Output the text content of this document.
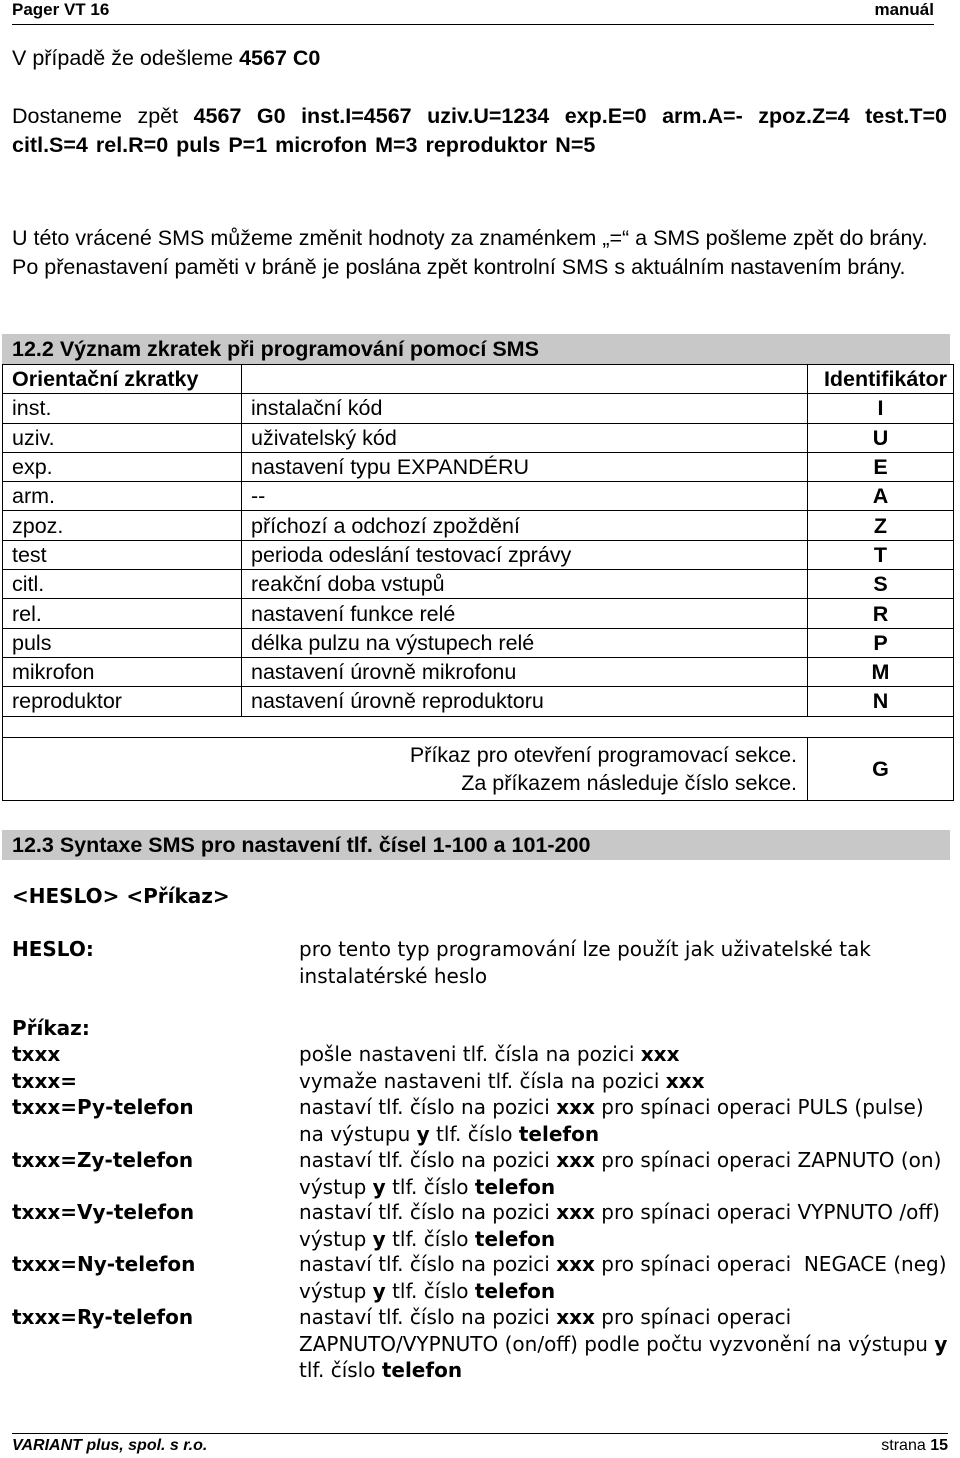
Pager VT 16	manuál
V případě že odešleme 4567 C0
Dostaneme zpět 4567 G0 inst.I=4567 uziv.U=1234 exp.E=0 arm.A=- zpoz.Z=4 test.T=0 citl.S=4 rel.R=0 puls P=1 microfon M=3 reproduktor N=5
U této vrácené SMS můžeme změnit hodnoty za znaménkem „=“ a SMS pošleme zpět do brány. Po přenastavení paměti v bráně je poslána zpět kontrolní SMS s aktuálním nastavením brány.
12.2 Význam zkratek při programování pomocí SMS
Orientační zkratky		Identifikátor
inst.	instalační kód	I
uziv.	uživatelský kód	U
exp.	nastavení typu EXPANDÉRU	E
arm.	--	A
zpoz.	příchozí a odchozí zpoždění	Z
test	perioda odeslání testovací zprávy	T
citl.	reakční doba vstupů	S
rel.	nastavení funkce relé	R
puls	délka pulzu na výstupech relé	P
mikrofon	nastavení úrovně mikrofonu	M
reproduktor	nastavení úrovně reproduktoru	N

Příkaz pro otevření programovací sekce.
Za příkazem následuje číslo sekce.		G
12.3 Syntaxe SMS pro nastavení tlf. čísel 1-100 a 101-200
<HESLO> <Příkaz>
HESLO:	pro tento typ programování lze použít jak uživatelské tak instalatérské heslo
Příkaz:
txxx	pošle nastaveni tlf. čísla na pozici xxx
txxx=	vymaže nastaveni tlf. čísla na pozici xxx
txxx=Py-telefon	nastaví tlf. číslo na pozici xxx pro spínaci operaci PULS (pulse) na výstupu y tlf. číslo telefon
txxx=Zy-telefon	nastaví tlf. číslo na pozici xxx pro spínaci operaci ZAPNUTO (on) výstup y tlf. číslo telefon
txxx=Vy-telefon	nastaví tlf. číslo na pozici xxx pro spínaci operaci VYPNUTO /off) výstup y tlf. číslo telefon
txxx=Ny-telefon	nastaví tlf. číslo na pozici xxx pro spínaci operaci  NEGACE (neg) výstup y tlf. číslo telefon
txxx=Ry-telefon	nastaví tlf. číslo na pozici xxx pro spínaci operaci ZAPNUTO/VYPNUTO (on/off) podle počtu vyzvonění na výstupu y tlf. číslo telefon
VARIANT plus, spol. s r.o.	strana 15
